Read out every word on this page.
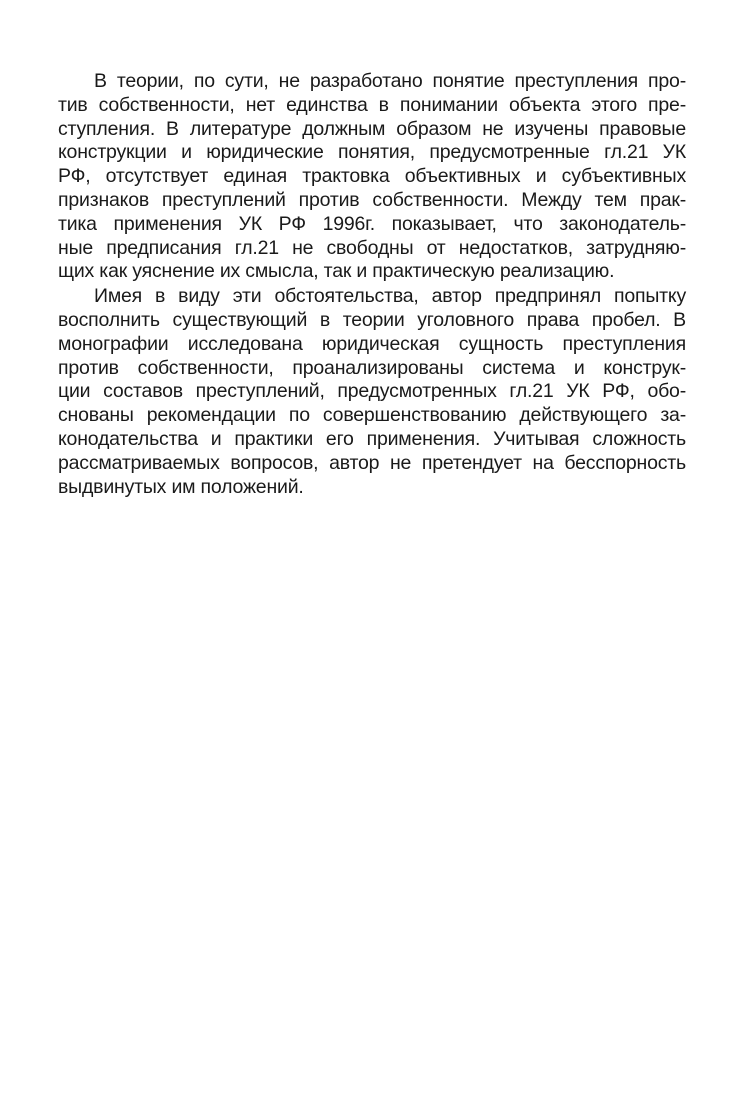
В теории, по сути, не разработано понятие преступления про-
тив собственности, нет единства в понимании объекта этого пре-
ступления. В литературе должным образом не изучены правовые
конструкции и юридические понятия, предусмотренные гл.21 УК
РФ, отсутствует единая трактовка объективных и субъективных
признаков преступлений против собственности. Между тем прак-
тика применения УК РФ 1996г. показывает, что законодатель-
ные предписания гл.21 не свободны от недостатков, затрудняю-
щих как уяснение их смысла, так и практическую реализацию.

Имея в виду эти обстоятельства, автор предпринял попытку
восполнить существующий в теории уголовного права пробел. В
монографии исследована юридическая сущность преступления
против собственности, проанализированы система и конструк-
ции составов преступлений, предусмотренных гл.21 УК РФ, обо-
снованы рекомендации по совершенствованию действующего за-
конодательства и практики его применения. Учитывая сложность
рассматриваемых вопросов, автор не претендует на бесспорность
выдвинутых им положений.
